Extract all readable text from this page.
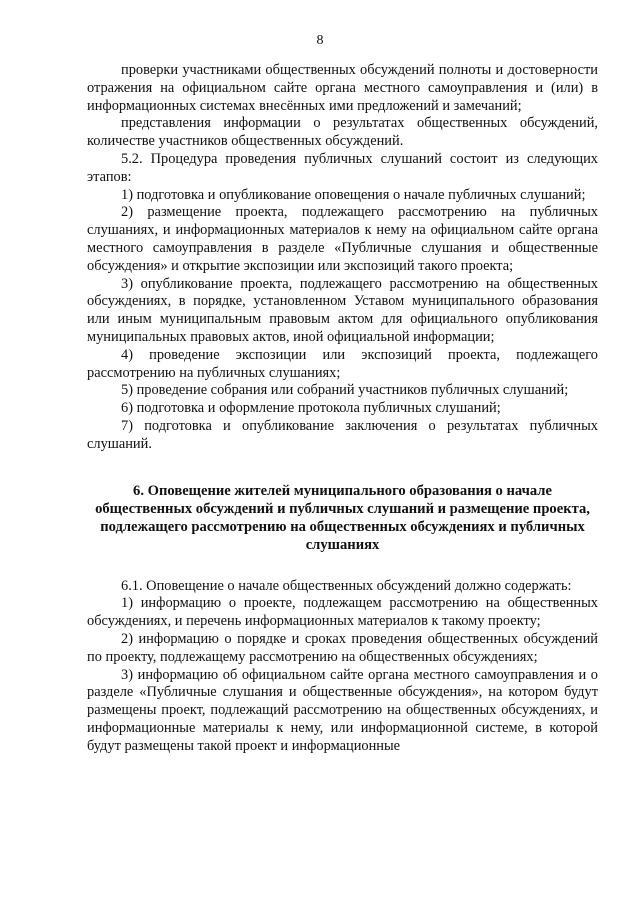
8

проверки участниками общественных обсуждений полноты и достоверности отражения на официальном сайте органа местного самоуправления и (или) в информационных системах внесённых ими предложений и замечаний;

представления информации о результатах общественных обсуждений, количестве участников общественных обсуждений.

5.2. Процедура проведения публичных слушаний состоит из следующих этапов:

1) подготовка и опубликование оповещения о начале публичных слушаний;

2) размещение проекта, подлежащего рассмотрению на публичных слушаниях, и информационных материалов к нему на официальном сайте органа местного самоуправления в разделе «Публичные слушания и общественные обсуждения» и открытие экспозиции или экспозиций такого проекта;

3) опубликование проекта, подлежащего рассмотрению на общественных обсуждениях, в порядке, установленном Уставом муниципального образования или иным муниципальным правовым актом для официального опубликования муниципальных правовых актов, иной официальной информации;

4) проведение экспозиции или экспозиций проекта, подлежащего рассмотрению на публичных слушаниях;

5) проведение собрания или собраний участников публичных слушаний;

6) подготовка и оформление протокола публичных слушаний;

7) подготовка и опубликование заключения о результатах публичных слушаний.

6. Оповещение жителей муниципального образования о начале общественных обсуждений и публичных слушаний и размещение проекта, подлежащего рассмотрению на общественных обсуждениях и публичных слушаниях

6.1. Оповещение о начале общественных обсуждений должно содержать:

1) информацию о проекте, подлежащем рассмотрению на общественных обсуждениях, и перечень информационных материалов к такому проекту;

2) информацию о порядке и сроках проведения общественных обсуждений по проекту, подлежащему рассмотрению на общественных обсуждениях;

3) информацию об официальном сайте органа местного самоуправления и о разделе «Публичные слушания и общественные обсуждения», на котором будут размещены проект, подлежащий рассмотрению на общественных обсуждениях, и информационные материалы к нему, или информационной системе, в которой будут размещены такой проект и информационные
